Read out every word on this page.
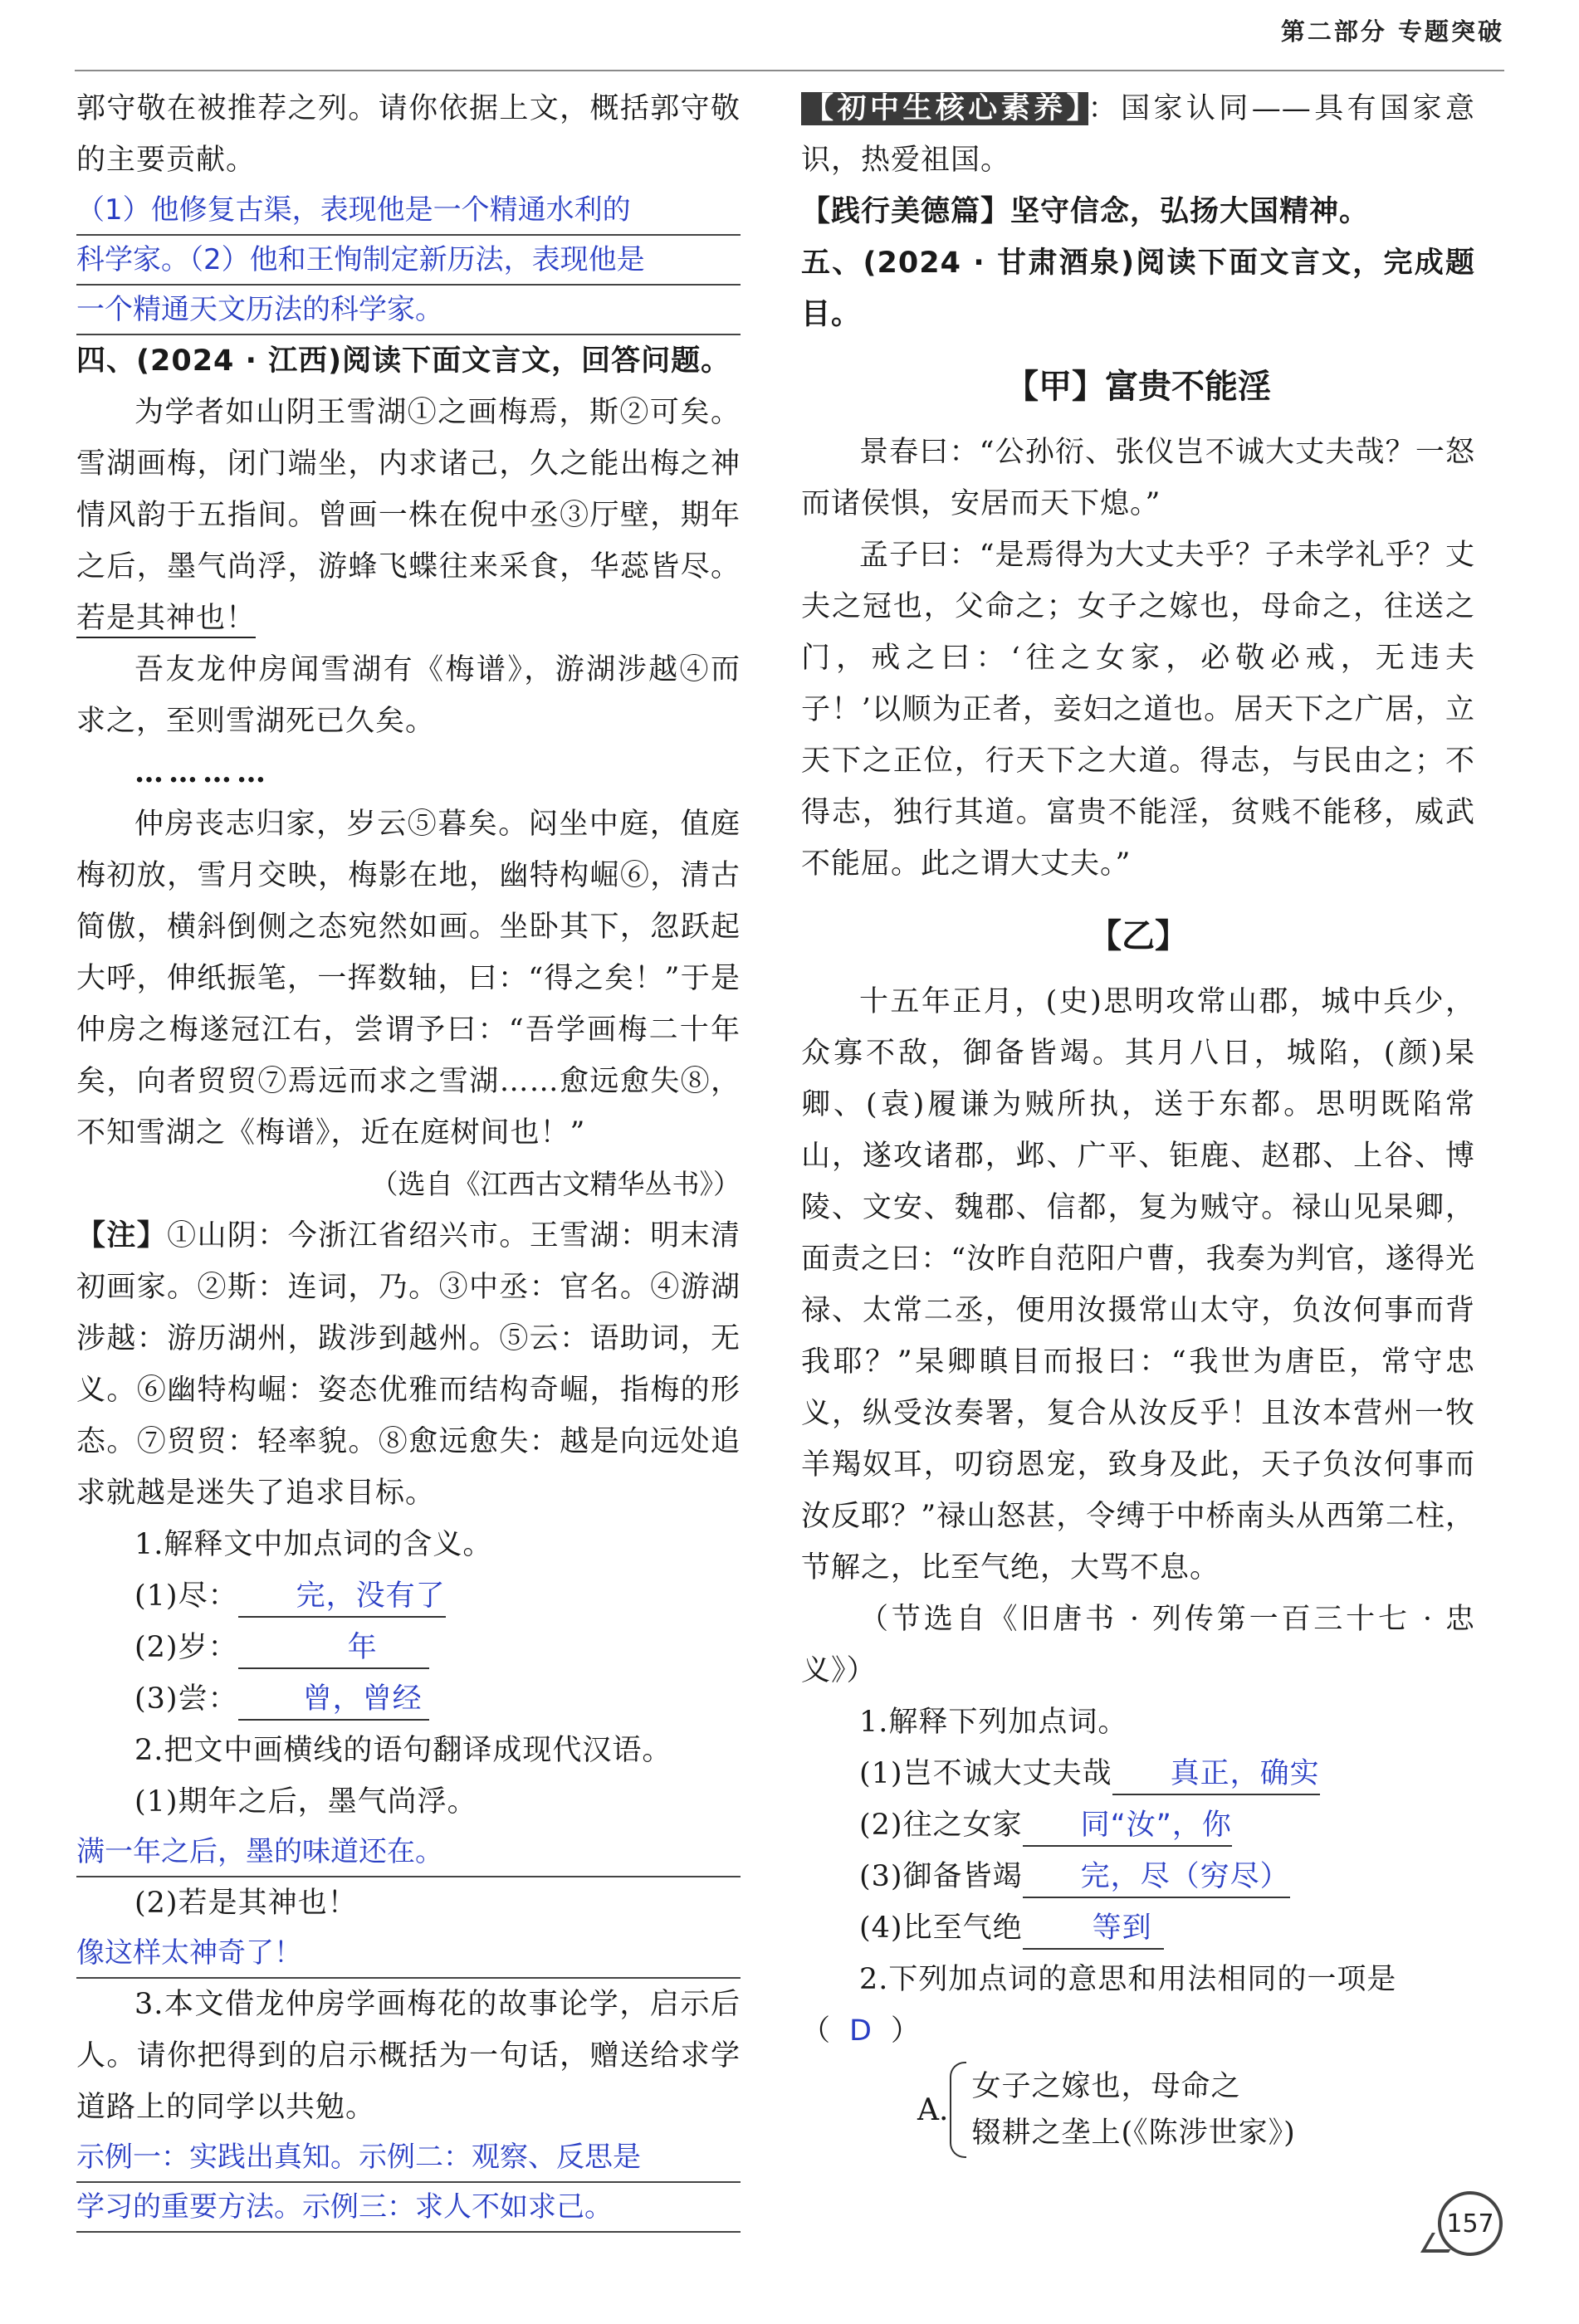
第二部分 专题突破

郭守敬在被推荐之列。请你依据上文，概括郭守敬的主要贡献。

（1）他修复古渠，表现他是一个精通水利的

科学家。（2）他和王恂制定新历法，表现他是

一个精通天文历法的科学家。

四、(2024 · 江西)阅读下面文言文，回答问题。

为学者如山阴王雪湖①之画梅焉，斯②可矣。雪湖画梅，闭门端坐，内求诸己，久之能出梅之神情风韵于五指间。曾画一株在倪中丞③厅壁，期年之后，墨气尚浮，游蜂飞蝶往来采食，华蕊皆尽。若是其神也！

吾友龙仲房闻雪湖有《梅谱》，游湖涉越④而求之，至则雪湖死已久矣。

…………

仲房丧志归家，岁云⑤暮矣。闷坐中庭，值庭梅初放，雪月交映，梅影在地，幽特构崛⑥，清古简傲，横斜倒侧之态宛然如画。坐卧其下，忽跃起大呼，伸纸振笔，一挥数轴，曰：“得之矣！”于是仲房之梅遂冠江右，尝谓予曰：“吾学画梅二十年矣，向者贸贸⑦焉远而求之雪湖……愈远愈失⑧，不知雪湖之《梅谱》，近在庭树间也！”

（选自《江西古文精华丛书》）

【注】①山阴：今浙江省绍兴市。王雪湖：明末清初画家。②斯：连词，乃。③中丞：官名。④游湖涉越：游历湖州，跋涉到越州。⑤云：语助词，无义。⑥幽特构崛：姿态优雅而结构奇崛，指梅的形态。⑦贸贸：轻率貌。⑧愈远愈失：越是向远处追求就越是迷失了追求目标。

1.解释文中加点词的含义。

(1)尽： 完，没有了

(2)岁：	年

(3)尝： 曾，曾经

2.把文中画横线的语句翻译成现代汉语。

(1)期年之后，墨气尚浮。

满一年之后，墨的味道还在。

(2)若是其神也！

像这样太神奇了！

3.本文借龙仲房学画梅花的故事论学，启示后人。请你把得到的启示概括为一句话，赠送给求学道路上的同学以共勉。

示例一：实践出真知。示例二：观察、反思是

学习的重要方法。示例三：求人不如求己。

【初中生核心素养】 ：国家认同——具有国家意识，热爱祖国。

【践行美德篇】坚守信念，弘扬大国精神。

五、(2024 · 甘肃酒泉)阅读下面文言文，完成题目。

【甲】富贵不能淫

景春曰：“公孙衍、张仪岂不诚大丈夫哉？一怒而诸侯惧，安居而天下熄。”

孟子曰：“是焉得为大丈夫乎？子未学礼乎？丈夫之冠也，父命之；女子之嫁也，母命之，往送之门，戒之曰：‘往之女家，必敬必戒，无违夫子！’以顺为正者，妾妇之道也。居天下之广居，立天下之正位，行天下之大道。得志，与民由之；不得志，独行其道。富贵不能淫，贫贱不能移，威武不能屈。此之谓大丈夫。”

【乙】

十五年正月，(史)思明攻常山郡，城中兵少，众寡不敌，御备皆竭。其月八日，城陷，(颜)杲卿、(袁)履谦为贼所执，送于东都。思明既陷常山，遂攻诸郡，邺、广平、钜鹿、赵郡、上谷、博陵、文安、魏郡、信都，复为贼守。禄山见杲卿，面责之曰：“汝昨自范阳户曹，我奏为判官，遂得光禄、太常二丞，便用汝摄常山太守，负汝何事而背我耶？”杲卿瞋目而报曰：“我世为唐臣，常守忠义，纵受汝奏署，复合从汝反乎！且汝本营州一牧羊羯奴耳，叨窃恩宠，致身及此，天子负汝何事而汝反耶？”禄山怒甚，令缚于中桥南头从西第二柱，节解之，比至气绝，大骂不息。

（节选自《旧唐书 · 列传第一百三十七 · 忠义》）

1.解释下列加点词。

(1)岂不诚大丈夫哉 真正，确实

(2)往之女家 同“汝”，你

(3)御备皆竭 完，尽（穷尽）

(4)比至气绝 等到

2.下列加点词的意思和用法相同的一项是

（ D ）

A.

女子之嫁也，母命之

辍耕之垄上(《陈涉世家》)

157
